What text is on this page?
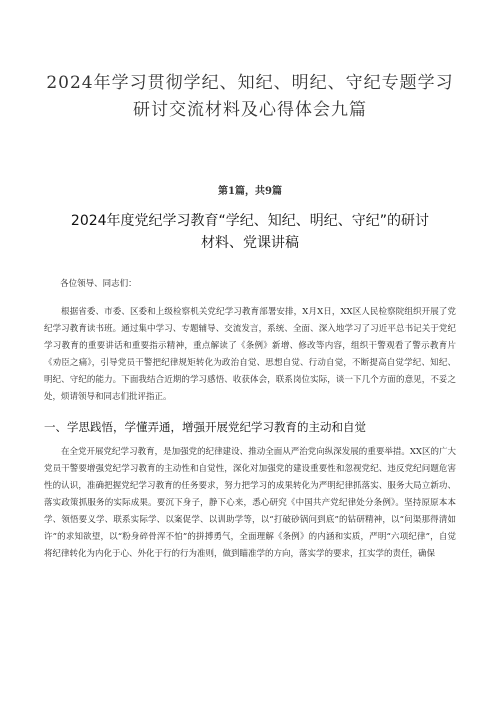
2024年学习贯彻学纪、知纪、明纪、守纪专题学习
研讨交流材料及心得体会九篇
第1篇，共9篇
2024年度党纪学习教育“学纪、知纪、明纪、守纪”的研讨
材料、党课讲稿
各位领导、同志们：

根据省委、市委、区委和上级检察机关党纪学习教育部署安排，X月X日，XX区人民检察院组织开展了党纪学习教育读书班。通过集中学习、专题辅导、交流发言，系统、全面、深入地学习了习近平总书记关于党纪学习教育的重要讲话和重要指示精神，重点解读了《条例》新增、修改等内容，组织干警观看了警示教育片《劝臣之痛》，引导党员干警把纪律规矩转化为政治自觉、思想自觉、行动自觉，不断提高自觉学纪、知纪、明纪、守纪的能力。下面我结合近期的学习感悟、收获体会，联系岗位实际，谈一下几个方面的意见，不妥之处，烦请领导和同志们批评指正。

一、学思践悟，学懂弄通，增强开展党纪学习教育的主动和自觉

在全党开展党纪学习教育，是加强党的纪律建设、推动全面从严治党向纵深发展的重要举措。XX区的广大党员干警要增强党纪学习教育的主动性和自觉性，深化对加强党的建设重要性和忽视党纪、违反党纪问题危害性的认识，准确把握党纪学习教育的任务要求，努力把学习的成果转化为严明纪律抓落实、服务大局立新功、落实政策抓服务的实际成果。要沉下身子，静下心来，悉心研究《中国共产党纪律处分条例》。坚持原原本本学、领悟要义学、联系实际学、以案促学、以训助学等，以“打破砂锅问到底”的钻研精神，以“问渠那得清如许”的求知欲望，以“粉身碎骨浑不怕”的拼搏勇气，全面理解《条例》的内涵和实质，严明“六项纪律”，自觉将纪律转化为内化于心、外化于行的行为准则，做到瞄准学的方向，落实学的要求，扛实学的责任，确保
